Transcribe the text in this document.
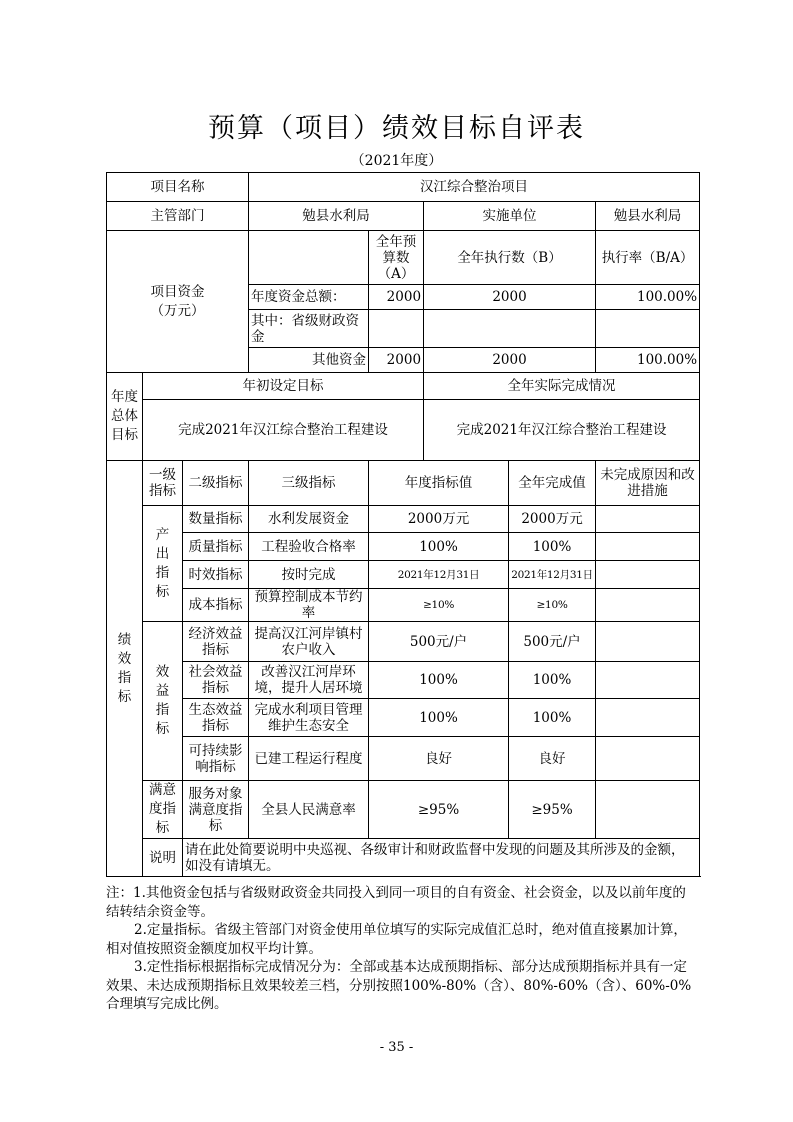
预算（项目）绩效目标自评表
（2021年度）
项目名称			汉江综合整治项目				
主管部门			勉县水利局		实施单位		勉县水利局
项目资金
（万元）				全年预算数（A）	全年执行数（B）		执行率（B/A）
			年度资金总额：	2000	2000		100.00%
			其中：省级财政资金				
			其他资金	2000	2000		100.00%
年度总体目标	年初设定目标				全年实际完成情况		
	完成2021年汉江综合整治工程建设				完成2021年汉江综合整治工程建设		
绩效指标	一级指标	二级指标	三级指标	年度指标值		全年完成值	未完成原因和改进措施
	产出指标	数量指标	水利发展资金	2000万元		2000万元	
		质量指标	工程验收合格率	100%		100%	
		时效指标	按时完成	2021年12月31日		2021年12月31日	
		成本指标	预算控制成本节约率	≥10%		≥10%	
	效益指标	经济效益指标	提高汉江河岸镇村农户收入	500元/户		500元/户	
		社会效益指标	改善汉江河岸环境，提升人居环境	100%		100%	
		生态效益指标	完成水利项目管理维护生态安全	100%		100%	
		可持续影响指标	已建工程运行程度	良好		良好	
	满意度指标	服务对象满意度指标	全县人民满意率	≥95%		≥95%	
	说明	请在此处简要说明中央巡视、各级审计和财政监督中发现的问题及其所涉及的金额，如没有请填无。					

注：1.其他资金包括与省级财政资金共同投入到同一项目的自有资金、社会资金，以及以前年度的结转结余资金等。

2.定量指标。省级主管部门对资金使用单位填写的实际完成值汇总时，绝对值直接累加计算，相对值按照资金额度加权平均计算。

3.定性指标根据指标完成情况分为：全部或基本达成预期指标、部分达成预期指标并具有一定效果、未达成预期指标且效果较差三档，分别按照100%-80%（含）、80%-60%（含）、60%-0%合理填写完成比例。

- 35 -
